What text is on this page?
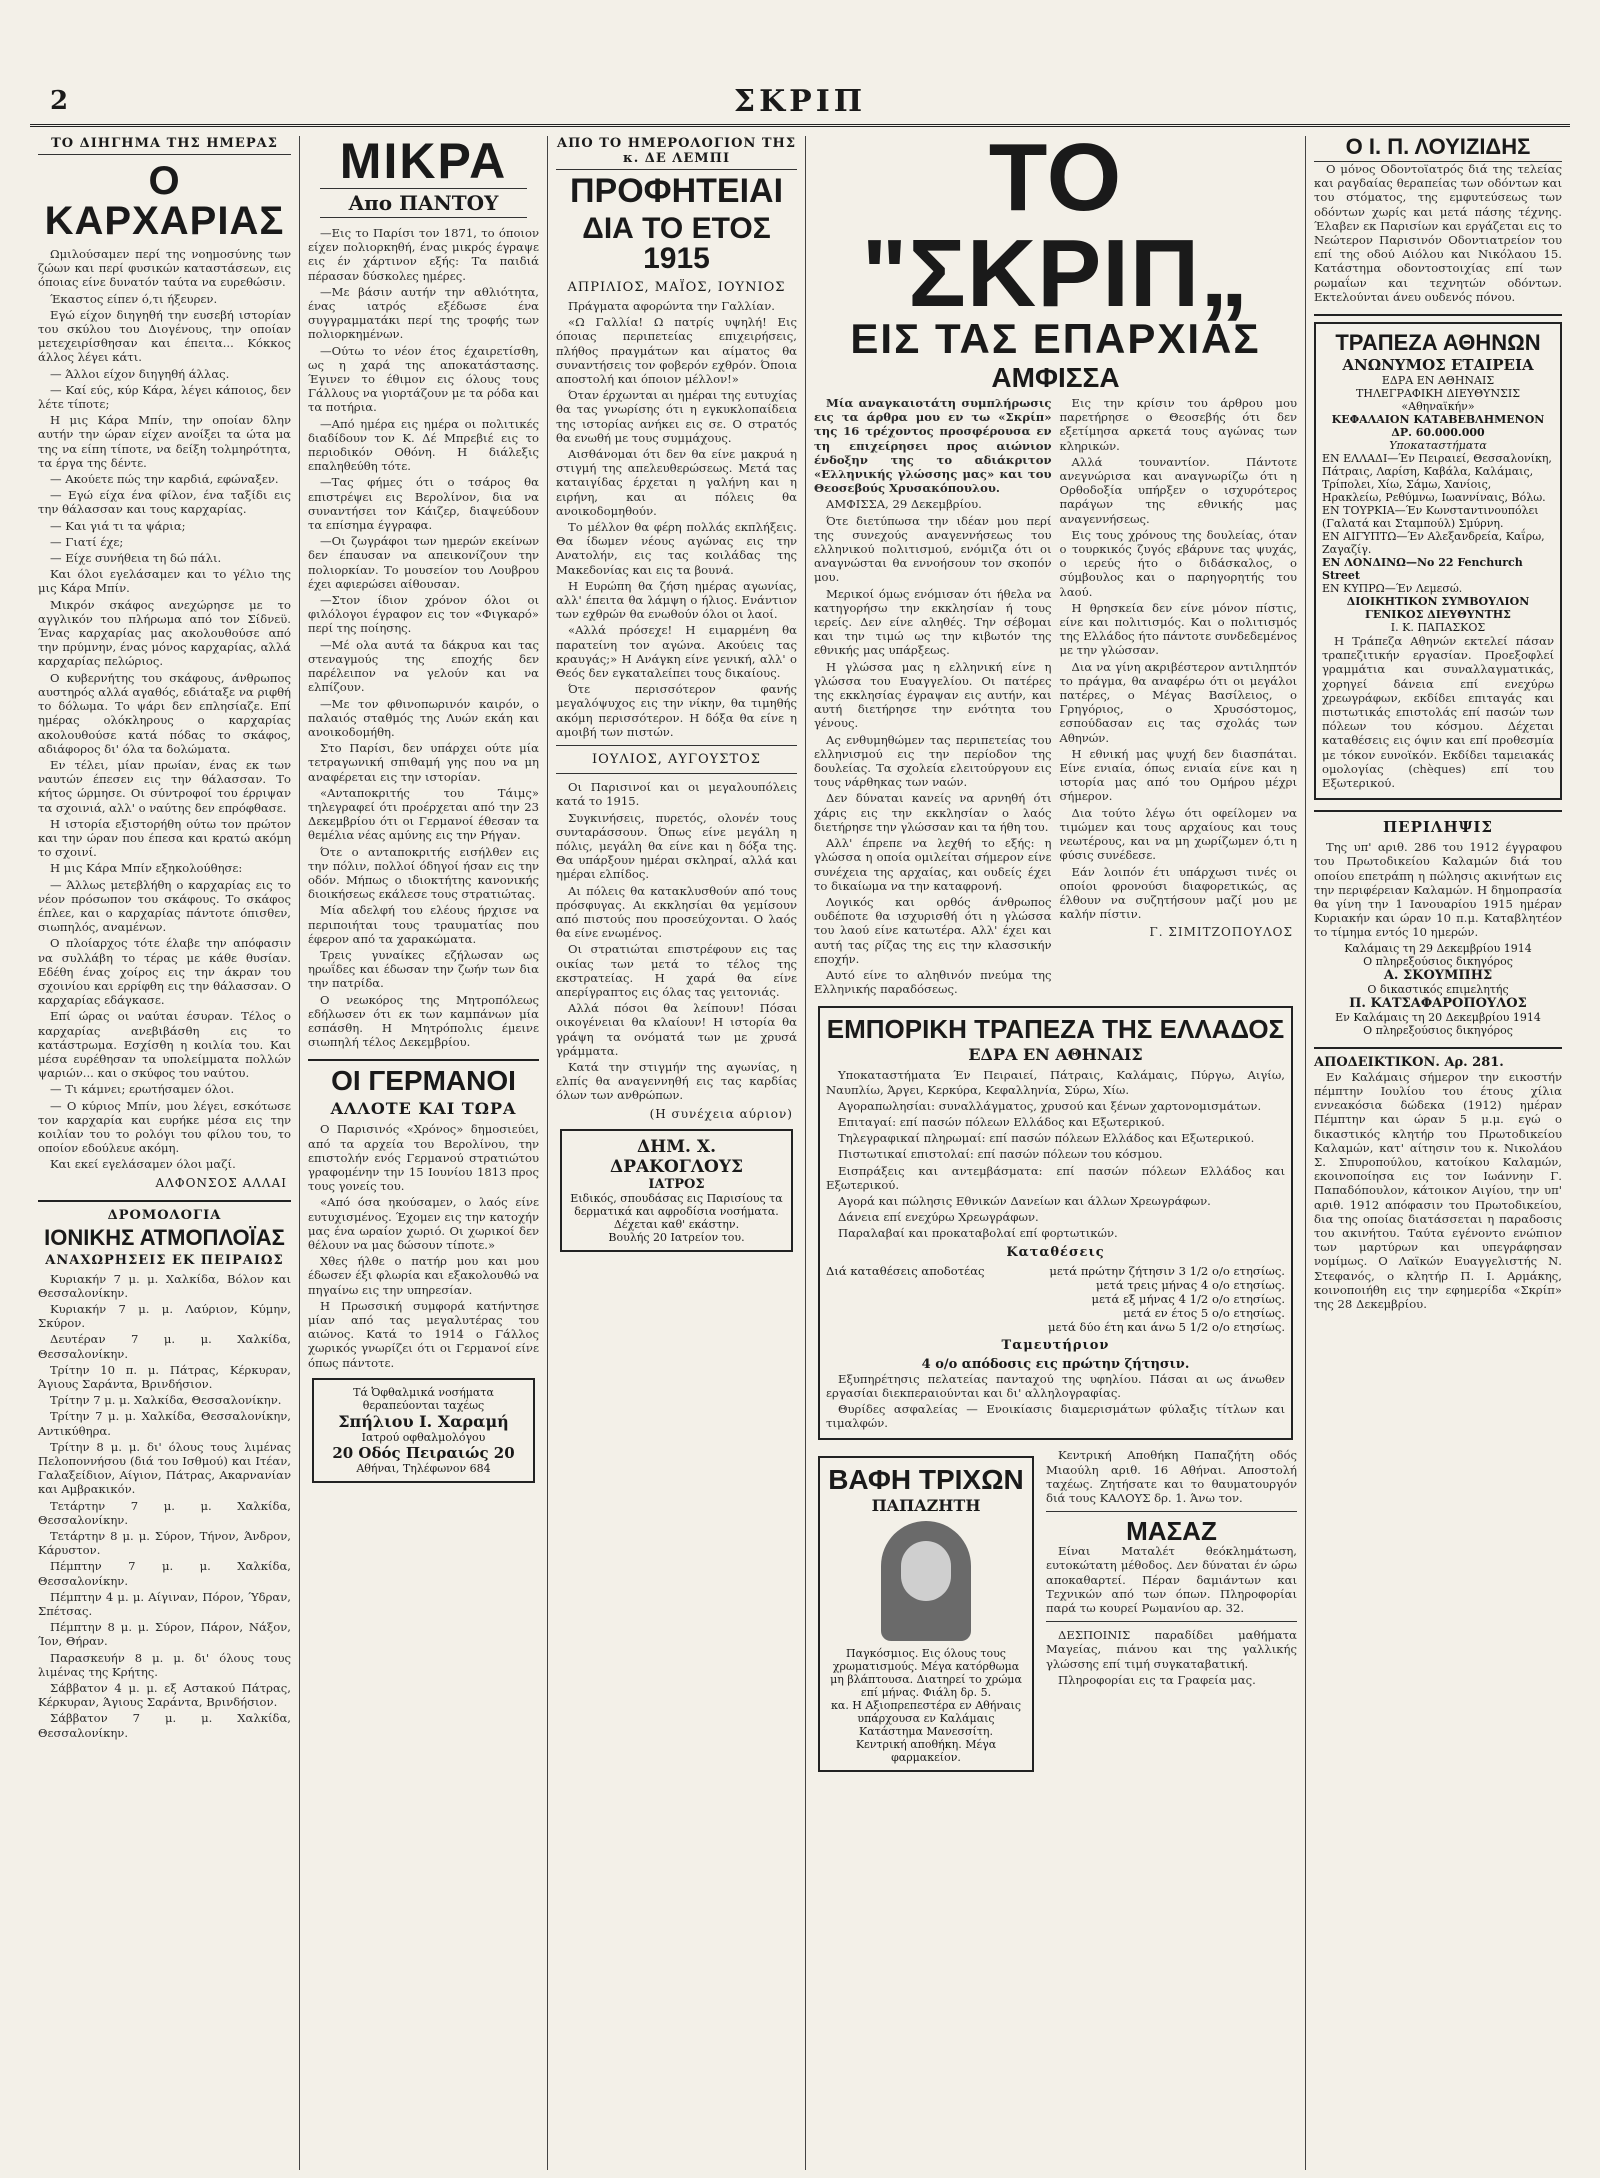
2	ΣΚΡΙΠ
ΤΟ ΔΙΗΓΗΜΑ ΤΗΣ ΗΜΕΡΑΣ
Ο ΚΑΡΧΑΡΙΑΣ

Ωμιλούσαμεν περί της νοημοσύνης των ζώων και περί φυσικών καταστάσεων, εις όποιας είνε δυνατόν ταύτα να ευρεθώσιν.

Έκαστος είπεν ό,τι ήξευρεν.

Εγώ είχον διηγηθή την ευσεβή ιστορίαν του σκύλου του Διογένους, την οποίαν μετεχειρίσθησαν και έπειτα... Κόκκος άλλος λέγει κάτι.

— Άλλοι είχον διηγηθή άλλας.

— Καί εύς, κύρ Κάρα, λέγει κάποιος, δεν λέτε τίποτε;

Η μις Κάρα Μπίν, την οποίαν δλην αυτήν την ώραν είχεν ανοίξει τα ώτα μα της να είπη τίποτε, να δείξη τολμηρότητα, τα έργα της δέντε.

— Ακούετε πώς την καρδιά, εφώναξεν.

— Εγώ είχα ένα φίλον, ένα ταξίδι εις την θάλασσαν και τους καρχαρίας.

— Και γιά τι τα ψάρια;

— Γιατί έχε;

— Είχε συνήθεια τη δώ πάλι.

Και όλοι εγελάσαμεν και το γέλιο της μις Κάρα Μπίν.

Μικρόν σκάφος ανεχώρησε με το αγγλικόν του πλήρωμα από τον Σίδνεϋ. Ένας καρχαρίας μας ακολουθούσε από την πρύμνην, ένας μόνος καρχαρίας, αλλά καρχαρίας πελώριος.

Ο κυβερνήτης του σκάφους, άνθρωπος αυστηρός αλλά αγαθός, εδιάταξε να ριφθή το δόλωμα. Το ψάρι δεν επλησίαζε. Επί ημέρας ολόκληρους ο καρχαρίας ακολουθούσε κατά πόδας το σκάφος, αδιάφορος δι' όλα τα δολώματα.

Εν τέλει, μίαν πρωίαν, ένας εκ των ναυτών έπεσεν εις την θάλασσαν. Το κήτος ώρμησε. Οι σύντροφοί του έρριψαν τα σχοινιά, αλλ' ο ναύτης δεν επρόφθασε.

Η ιστορία εξιστορήθη ούτω τον πρώτον και την ώραν που έπεσα και κρατώ ακόμη το σχοινί.

Η μις Κάρα Μπίν εξηκολούθησε:

— Άλλως μετεβλήθη ο καρχαρίας εις το νέον πρόσωπον του σκάφους. Το σκάφος έπλεε, και ο καρχαρίας πάντοτε όπισθεν, σιωπηλός, αναμένων.

Ο πλοίαρχος τότε έλαβε την απόφασιν να συλλάβη το τέρας με κάθε θυσίαν. Εδέθη ένας χοίρος εις την άκραν του σχοινίου και ερρίφθη εις την θάλασσαν. Ο καρχαρίας εδάγκασε.

Επί ώρας οι ναύται έσυραν. Τέλος ο καρχαρίας ανεβιβάσθη εις το κατάστρωμα. Εσχίσθη η κοιλία του. Και μέσα ευρέθησαν τα υπολείμματα πολλών ψαριών... και ο σκύφος του ναύτου.

— Τι κάμνει; ερωτήσαμεν όλοι.

— Ο κύριος Μπίν, μου λέγει, εσκότωσε τον καρχαρία και ευρήκε μέσα εις την κοιλίαν του το ρολόγι του φίλου του, το οποίον εδούλευε ακόμη.

Και εκεί εγελάσαμεν όλοι μαζί.

ΑΛΦΟΝΣΟΣ ΑΛΛΑΙ
ΔΡΟΜΟΛΟΓΙΑ
ΙΟΝΙΚΗΣ ΑΤΜΟΠΛΟΪΑΣ
ΑΝΑΧΩΡΗΣΕΙΣ ΕΚ ΠΕΙΡΑΙΩΣ

Κυριακήν 7 μ. μ. Χαλκίδα, Βόλον και Θεσσαλονίκην.

Κυριακήν 7 μ. μ. Λαύριον, Κύμην, Σκύρον.

Δευτέραν 7 μ. μ. Χαλκίδα, Θεσσαλονίκην.

Τρίτην 10 π. μ. Πάτρας, Κέρκυραν, Άγιους Σαράντα, Βρινδήσιον.

Τρίτην 7 μ. μ. Χαλκίδα, Θεσσαλονίκην.

Τρίτην 7 μ. μ. Χαλκίδα, Θεσσαλονίκην, Αντικύθηρα.

Τρίτην 8 μ. μ. δι' όλους τους λιμένας Πελοποννήσου (διά του Ισθμού) και Ιτέαν, Γαλαξείδιον, Αίγιον, Πάτρας, Ακαρνανίαν και Αμβρακικόν.

Τετάρτην 7 μ. μ. Χαλκίδα, Θεσσαλονίκην.

Τετάρτην 8 μ. μ. Σύρον, Τήνον, Άνδρον, Κάρυστον.

Πέμπτην 7 μ. μ. Χαλκίδα, Θεσσαλονίκην.

Πέμπτην 4 μ. μ. Αίγιναν, Πόρον, Ύδραν, Σπέτσας.

Πέμπτην 8 μ. μ. Σύρον, Πάρον, Νάξον, Ίον, Θήραν.

Παρασκευήν 8 μ. μ. δι' όλους τους λιμένας της Κρήτης.

Σάββατον 4 μ. μ. εξ Αστακού Πάτρας, Κέρκυραν, Άγιους Σαράντα, Βρινδήσιον.

Σάββατον 7 μ. μ. Χαλκίδα, Θεσσαλονίκην.

ΜΙΚΡΑ
Απο ΠΑΝΤΟΥ

—Εις το Παρίσι τον 1871, το όποιον είχεν πολιορκηθή, ένας μικρός έγραψε εις έν χάρτινον εξής: Τα παιδιά πέρασαν δύσκολες ημέρες.

—Με βάσιν αυτήν την αθλιότητα, ένας ιατρός εξέδωσε ένα συγγραμματάκι περί της τροφής των πολιορκημένων.

—Ούτω το νέον έτος έχαιρετίσθη, ως η χαρά της αποκατάστασης. Έγινεν το έθιμον εις όλους τους Γάλλους να γιορτάζουν με τα ρόδα και τα ποτήρια.

—Από ημέρα εις ημέρα οι πολιτικές διαδίδουν τον Κ. Δέ Μπρεβιέ εις το περιοδικόν Οθόνη. Η διάλεξις επαληθεύθη τότε.

—Τας φήμες ότι ο τσάρος θα επιστρέψει εις Βερολίνον, δια να συναντήσει τον Κάιζερ, διαψεύδουν τα επίσημα έγγραφα.

—Οι ζωγράφοι των ημερών εκείνων δεν έπαυσαν να απεικονίζουν την πολιορκίαν. Το μουσείον του Λουβρου έχει αφιερώσει αίθουσαν.

—Στον ίδιον χρόνον όλοι οι φιλόλογοι έγραφον εις τον «Φιγκαρό» περί της ποίησης.

—Μέ ολα αυτά τα δάκρυα και τας στεναγμούς της εποχής δεν παρέλειπον να γελούν και να ελπίζουν.

—Με τον φθινοπωρινόν καιρόν, ο παλαιός σταθμός της Λυών εκάη και ανοικοδομήθη.

Στο Παρίσι, δεν υπάρχει ούτε μία τετραγωνική σπιθαμή γης που να μη αναφέρεται εις την ιστορίαν.

«Ανταποκριτής του Τάιμς» τηλεγραφεί ότι προέρχεται από την 23 Δεκεμβρίου ότι οι Γερμανοί έθεσαν τα θεμέλια νέας αμύνης εις την Ρήγαν.

Ότε ο ανταποκριτής εισήλθεν εις την πόλιν, πολλοί όδηγοί ήσαν εις την οδόν. Μήπως ο ιδιοκτήτης κανονικής διοικήσεως εκάλεσε τους στρατιώτας.

Μία αδελφή του ελέους ήρχισε να περιποιήται τους τραυματίας που έφερον από τα χαρακώματα.

Τρεις γυναίκες εζήλωσαν ως ηρωΐδες και έδωσαν την ζωήν των δια την πατρίδα.

Ο νεωκόρος της Μητροπόλεως εδήλωσεν ότι εκ των καμπάνων μία εσπάσθη. Η Μητρόπολις έμεινε σιωπηλή τέλος Δεκεμβρίου.

ΟΙ ΓΕΡΜΑΝΟΙ
ΑΛΛΟΤΕ ΚΑΙ ΤΩΡΑ

Ο Παρισινός «Χρόνος» δημοσιεύει, από τα αρχεία του Βερολίνου, την επιστολήν ενός Γερμανού στρατιώτου γραφομένην την 15 Ιουνίου 1813 προς τους γονείς του.

«Από όσα ηκούσαμεν, ο λαός είνε ευτυχισμένος. Έχομεν εις την κατοχήν μας ένα ωραίον χωριό. Οι χωρικοί δεν θέλουν να μας δώσουν τίποτε.»

Χθες ήλθε ο πατήρ μου και μου έδωσεν έξι φλωρία και εξακολουθώ να πηγαίνω εις την υπηρεσίαν.

Η Πρωσσική συμφορά κατήντησε μίαν από τας μεγαλυτέρας του αιώνος. Κατά το 1914 ο Γάλλος χωρικός γνωρίζει ότι οι Γερμανοί είνε όπως πάντοτε.

Τά Ὀφθαλμικά νοσήματα
θεραπεύονται ταχέως
Σπήλιου Ι. Χαραμή
Ιατρού οφθαλμολόγου
20 Οδός Πειραιώς 20
Αθήναι, Τηλέφωνον 684
ΑΠΟ ΤΟ ΗΜΕΡΟΛΟΓΙΟΝ ΤΗΣ κ. ΔΕ ΛΕΜΠΙ
ΠΡΟΦΗΤΕΙΑΙ
ΔΙΑ ΤΟ ΕΤΟΣ 1915
ΑΠΡΙΛΙΟΣ, ΜΑΪΟΣ, ΙΟΥΝΙΟΣ

Πράγματα αφορώντα την Γαλλίαν.

«Ω Γαλλία! Ω πατρίς υψηλή! Εις όποιας περιπετείας επιχειρήσεις, πλήθος πραγμάτων και αίματος θα συναντήσεις τον φοβερόν εχθρόν. Όποια αποστολή και όποιον μέλλον!»

Όταν έρχωνται αι ημέραι της ευτυχίας θα τας γνωρίσης ότι η εγκυκλοπαίδεια της ιστορίας ανήκει εις σε. Ο στρατός θα ενωθή με τους συμμάχους.

Αισθάνομαι ότι δεν θα είνε μακρυά η στιγμή της απελευθερώσεως. Μετά τας καταιγίδας έρχεται η γαλήνη και η ειρήνη, και αι πόλεις θα ανοικοδομηθούν.

Το μέλλον θα φέρη πολλάς εκπλήξεις. Θα ίδωμεν νέους αγώνας εις την Ανατολήν, εις τας κοιλάδας της Μακεδονίας και εις τα βουνά.

Η Ευρώπη θα ζήση ημέρας αγωνίας, αλλ' έπειτα θα λάμψη ο ήλιος. Ενάντιον των εχθρών θα ενωθούν όλοι οι λαοί.

«Αλλά πρόσεχε! Η ειμαρμένη θα παρατείνη τον αγώνα. Ακούεις τας κραυγάς;» Η Ανάγκη είνε γενική, αλλ' ο Θεός δεν εγκαταλείπει τους δικαίους.

Ότε περισσότερον φανής μεγαλόψυχος εις την νίκην, θα τιμηθής ακόμη περισσότερον. Η δόξα θα είνε η αμοιβή των πιστών.

ΙΟΥΛΙΟΣ, ΑΥΓΟΥΣΤΟΣ

Οι Παρισινοί και οι μεγαλουπόλεις κατά το 1915.

Συγκινήσεις, πυρετός, ολονέν τους συνταράσσουν. Όπως είνε μεγάλη η πόλις, μεγάλη θα είνε και η δόξα της. Θα υπάρξουν ημέραι σκληραί, αλλά και ημέραι ελπίδος.

Αι πόλεις θα κατακλυσθούν από τους πρόσφυγας. Αι εκκλησίαι θα γεμίσουν από πιστούς που προσεύχονται. Ο λαός θα είνε ενωμένος.

Οι στρατιώται επιστρέφουν εις τας οικίας των μετά το τέλος της εκστρατείας. Η χαρά θα είνε απερίγραπτος εις όλας τας γειτονιάς.

Αλλά πόσοι θα λείπουν! Πόσαι οικογένειαι θα κλαίουν! Η ιστορία θα γράψη τα ονόματά των με χρυσά γράμματα.

Κατά την στιγμήν της αγωνίας, η ελπίς θα αναγεννηθή εις τας καρδίας όλων των ανθρώπων.

(Η συνέχεια αύριον)
ΔΗΜ. Χ. ΔΡΑΚΟΓΛΟΥΣ
ΙΑΤΡΟΣ
Ειδικός, σπουδάσας εις Παρισίους τα δερματικά και αφροδίσια νοσήματα. Δέχεται καθ' εκάστην.
Βουλής 20 Ιατρείον του.
ΤΟ "ΣΚΡΙΠ„
ΕΙΣ ΤΑΣ ΕΠΑΡΧΙΑΣ
ΑΜΦΙΣΣΑ

Μία αναγκαιοτάτη συμπλήρωσις εις τα άρθρα μου εν τω «Σκρίπ» της 16 τρέχοντος προσφέρουσα εν τη επιχείρησει προς αιώνιον ένδοξην της το αδιάκριτον «Ελληνικής γλώσσης μας» και του Θεοσεβούς Χρυσακόπουλου.

ΑΜΦΙΣΣΑ, 29 Δεκεμβρίου.

Ότε διετύπωσα την ιδέαν μου περί της συνεχούς αναγεννήσεως του ελληνικού πολιτισμού, ενόμιζα ότι οι αναγνώσται θα εννοήσουν τον σκοπόν μου.

Μερικοί όμως ενόμισαν ότι ήθελα να κατηγορήσω την εκκλησίαν ή τους ιερείς. Δεν είνε αληθές. Την σέβομαι και την τιμώ ως την κιβωτόν της εθνικής μας υπάρξεως.

Η γλώσσα μας η ελληνική είνε η γλώσσα του Ευαγγελίου. Οι πατέρες της εκκλησίας έγραψαν εις αυτήν, και αυτή διετήρησε την ενότητα του γένους.

Ας ενθυμηθώμεν τας περιπετείας του ελληνισμού εις την περίοδον της δουλείας. Τα σχολεία ελειτούργουν εις τους νάρθηκας των ναών.

Δεν δύναται κανείς να αρνηθή ότι χάρις εις την εκκλησίαν ο λαός διετήρησε την γλώσσαν και τα ήθη του.

Αλλ' έπρεπε να λεχθή το εξής: η γλώσσα η οποία ομιλείται σήμερον είνε συνέχεια της αρχαίας, και ουδείς έχει το δικαίωμα να την καταφρονή.

Λογικός και ορθός άνθρωπος ουδέποτε θα ισχυρισθή ότι η γλώσσα του λαού είνε κατωτέρα. Αλλ' έχει και αυτή τας ρίζας της εις την κλασσικήν εποχήν.

Αυτό είνε το αληθινόν πνεύμα της Ελληνικής παραδόσεως.

Εις την κρίσιν του άρθρου μου παρετήρησε ο Θεοσεβής ότι δεν εξετίμησα αρκετά τους αγώνας των κληρικών.

Αλλά τουναντίον. Πάντοτε ανεγνώρισα και αναγνωρίζω ότι η Ορθοδοξία υπήρξεν ο ισχυρότερος παράγων της εθνικής μας αναγεννήσεως.

Εις τους χρόνους της δουλείας, όταν ο τουρκικός ζυγός εβάρυνε τας ψυχάς, ο ιερεύς ήτο ο διδάσκαλος, ο σύμβουλος και ο παρηγορητής του λαού.

Η θρησκεία δεν είνε μόνον πίστις, είνε και πολιτισμός. Και ο πολιτισμός της Ελλάδος ήτο πάντοτε συνδεδεμένος με την γλώσσαν.

Δια να γίνη ακριβέστερον αντιληπτόν το πράγμα, θα αναφέρω ότι οι μεγάλοι πατέρες, ο Μέγας Βασίλειος, ο Γρηγόριος, ο Χρυσόστομος, εσπούδασαν εις τας σχολάς των Αθηνών.

Η εθνική μας ψυχή δεν διασπάται. Είνε ενιαία, όπως ενιαία είνε και η ιστορία μας από του Ομήρου μέχρι σήμερον.

Δια τούτο λέγω ότι οφείλομεν να τιμώμεν και τους αρχαίους και τους νεωτέρους, και να μη χωρίζωμεν ό,τι η φύσις συνέδεσε.

Εάν λοιπόν έτι υπάρχωσι τινές οι οποίοι φρονούσι διαφορετικώς, ας έλθουν να συζητήσουν μαζί μου με καλήν πίστιν.

Γ. ΣΙΜΙΤΖΟΠΟΥΛΟΣ
ΕΜΠΟΡΙΚΗ ΤΡΑΠΕΖΑ ΤΗΣ ΕΛΛΑΔΟΣ
ΕΔΡΑ ΕΝ ΑΘΗΝΑΙΣ

Υποκαταστήματα Έν Πειραιεί, Πάτραις, Καλάμαις, Πύργω, Αιγίω, Ναυπλίω, Άργει, Κερκύρα, Κεφαλληνία, Σύρω, Χίω.

Αγοραπωλησίαι: συναλλάγματος, χρυσού και ξένων χαρτονομισμάτων.

Επιταγαί: επί πασών πόλεων Ελλάδος και Εξωτερικού.

Τηλεγραφικαί πληρωμαί: επί πασών πόλεων Ελλάδος και Εξωτερικού.

Πιστωτικαί επιστολαί: επί πασών πόλεων του κόσμου.

Εισπράξεις και αντεμβάσματα: επί πασών πόλεων Ελλάδος και Εξωτερικού.

Αγορά και πώλησις Εθνικών Δανείων και άλλων Χρεωγράφων.

Δάνεια επί ενεχύρω Χρεωγράφων.

Παραλαβαί και προκαταβολαί επί φορτωτικών.

Καταθέσεις
Διά καταθέσεις αποδοτέας	μετά πρώτην ζήτησιν 3 1/2 ο/ο ετησίως.
μετά τρεις μήνας 4 ο/ο ετησίως.
μετά εξ μήνας 4 1/2 ο/ο ετησίως.
μετά εν έτος 5 ο/ο ετησίως.
μετά δύο έτη και άνω 5 1/2 ο/ο ετησίως.
Ταμευτήριον
4 ο/ο απόδοσις εις πρώτην ζήτησιν.

Εξυπηρέτησις πελατείας πανταχού της υφηλίου. Πάσαι αι ως άνωθεν εργασίαι διεκπεραιούνται και δι' αλληλογραφίας.

Θυρίδες ασφαλείας — Ενοικίασις διαμερισμάτων φύλαξις τίτλων και τιμαλφών.

ΒΑΦΗ ΤΡΙΧΩΝ
ΠΑΠΑΖΗΤΗ
Παγκόσμιος. Εις όλους τους χρωματισμούς. Μέγα κατόρθωμα μη βλάπτουσα. Διατηρεί το χρώμα επί μήνας. Φιάλη δρ. 5.
κα. Η Αξιοπρεπεστέρα εν Αθήναις υπάρχουσα εν Καλάμαις Κατάστημα Μανεσσίτη.
Κεντρική αποθήκη. Μέγα φαρμακείον.

Κεντρική Αποθήκη Παπαζήτη οδός Μιαούλη αριθ. 16 Αθήναι. Αποστολή ταχέως. Ζητήσατε και το θαυματουργόν διά τους ΚΑΛΟΥΣ δρ. 1. Άνω τον.

ΜΑΣΑΖ

Είναι Ματαλέτ θεόκλημάτωση, ευτοκώτατη μέθοδος. Δεν δύναται έν ώρω αποκαθαρτεί. Πέραν δαμιάντων και Τεχνικών από των όπων. Πληροφορίαι παρά τω κουρεί Ρωμανίου αρ. 32.

ΔΕΣΠΟΙΝΙΣ παραδίδει μαθήματα Μαγείας, πιάνου και της γαλλικής γλώσσης επί τιμή συγκαταβατική.

Πληροφορίαι εις τα Γραφεία μας.

Ο Ι. Π. ΛΟΥΙΖΙΔΗΣ

Ο μόνος Οδοντοϊατρός διά της τελείας και ραγδαίας θεραπείας των οδόντων και του στόματος, της εμφυτεύσεως των οδόντων χωρίς και μετά πάσης τέχνης. Έλαβεν εκ Παρισίων και εργάζεται εις το Νεώτερον Παρισινόν Οδοντιατρείον του επί της οδού Αιόλου και Νικόλαου 15. Κατάστημα οδοντοστοιχίας επί των ρωμαΐων και τεχνητών οδόντων. Εκτελούνται άνευ ουδενός πόνου.

ΤΡΑΠΕΖΑ ΑΘΗΝΩΝ
ΑΝΩΝΥΜΟΣ ΕΤΑΙΡΕΙΑ
ΕΔΡΑ ΕΝ ΑΘΗΝΑΙΣ
ΤΗΛΕΓΡΑΦΙΚΗ ΔΙΕΥΘΥΝΣΙΣ «Αθηναϊκήν»
ΚΕΦΑΛΑΙΟΝ ΚΑΤΑΒΕΒΛΗΜΕΝΟΝ ΔΡ. 60.000.000
Υποκαταστήματα
ΕΝ ΕΛΛΑΔΙ—Έν Πειραιεί, Θεσσαλονίκη, Πάτραις, Λαρίση, Καβάλα, Καλάμαις, Τρίπολει, Χίω, Σάμω, Χανίοις, Ηρακλείω, Ρεθύμνω, Ιωαννίναις, Βόλω.
ΕΝ ΤΟΥΡΚΙΑ—Έν Κωνσταντινουπόλει (Γαλατά και Σταμπούλ) Σμύρνη.
ΕΝ ΑΙΓΥΠΤΩ—Έν Αλεξανδρεία, Καΐρω, Ζαγαζίγ.
ΕΝ ΛΟΝΔΙΝΩ—Νο 22 Fenchurch Street
ΕΝ ΚΥΠΡΩ—Έν Λεμεσώ.
ΔΙΟΙΚΗΤΙΚΟΝ ΣΥΜΒΟΥΛΙΟΝ
ΓΕΝΙΚΟΣ ΔΙΕΥΘΥΝΤΗΣ
Ι. Κ. ΠΑΠΑΣΚΟΣ

Η Τράπεζα Αθηνών εκτελεί πάσαν τραπεζιτικήν εργασίαν. Προεξοφλεί γραμμάτια και συναλλαγματικάς, χορηγεί δάνεια επί ενεχύρω χρεωγράφων, εκδίδει επιταγάς και πιστωτικάς επιστολάς επί πασών των πόλεων του κόσμου. Δέχεται καταθέσεις εις όψιν και επί προθεσμία με τόκον ευνοϊκόν. Εκδίδει ταμειακάς ομολογίας (chèques) επί του Εξωτερικού.

ΠΕΡΙΛΗΨΙΣ

Της υπ' αριθ. 286 του 1912 έγγραφου του Πρωτοδικείου Καλαμών διά του οποίου επετράπη η πώλησις ακινήτων εις την περιφέρειαν Καλαμών. Η δημοπρασία θα γίνη την 1 Ιανουαρίου 1915 ημέραν Κυριακήν και ώραν 10 π.μ. Καταβλητέον το τίμημα εντός 10 ημερών.

Καλάμαις τη 29 Δεκεμβρίου 1914
Ο πληρεξούσιος δικηγόρος
Α. ΣΚΟΥΜΠΗΣ
Ο δικαστικός επιμελητής
Π. ΚΑΤΣΑΦΑΡΟΠΟΥΛΟΣ
Εν Καλάμαις τη 20 Δεκεμβρίου 1914
Ο πληρεξούσιος δικηγόρος
ΑΠΟΔΕΙΚΤΙΚΟΝ. Αρ. 281.

Εν Καλάμαις σήμερον την εικοστήν πέμπτην Ιουλίου του έτους χίλια εννεακόσια δώδεκα (1912) ημέραν Πέμπτην και ώραν 5 μ.μ. εγώ ο δικαστικός κλητήρ του Πρωτοδικείου Καλαμών, κατ' αίτησιν του κ. Νικολάου Σ. Σπυροπούλου, κατοίκου Καλαμών, εκοινοποίησα εις τον Ιωάννην Γ. Παπαδόπουλον, κάτοικον Αιγίου, την υπ' αριθ. 1912 απόφασιν του Πρωτοδικείου, δια της οποίας διατάσσεται η παραδοσις του ακινήτου. Ταύτα εγένοντο ενώπιον των μαρτύρων και υπεγράφησαν νομίμως. Ο Λαϊκών Ευαγγελιστής Ν. Στεφανός, ο κλητήρ Π. Ι. Αρμάκης, κοινοποιήθη εις την εφημερίδα «Σκρίπ» της 28 Δεκεμβρίου.
